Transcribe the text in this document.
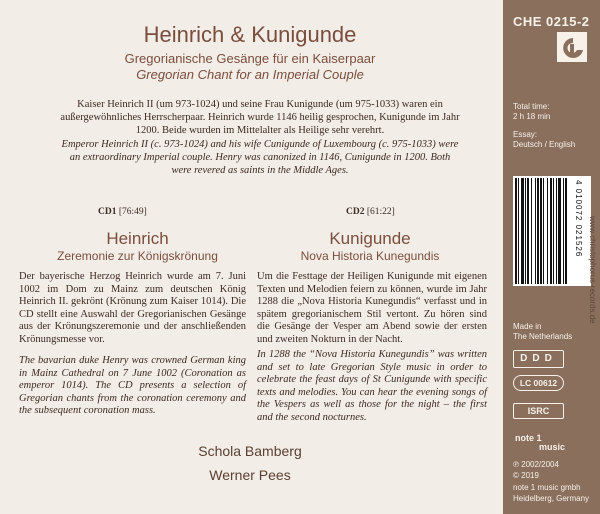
Heinrich & Kunigunde
Gregorianische Gesänge für ein Kaiserpaar
Gregorian Chant for an Imperial Couple
Kaiser Heinrich II (um 973-1024) und seine Frau Kunigunde (um 975-1033) waren ein außergewöhnliches Herrscherpaar. Heinrich wurde 1146 heilig gesprochen, Kunigunde im Jahr 1200. Beide wurden im Mittelalter als Heilige sehr verehrt.
Emperor Heinrich II (c. 973-1024) and his wife Cunigunde of Luxembourg (c. 975-1033) were an extraordinary Imperial couple. Henry was canonized in 1146, Cunigunde in 1200. Both were revered as saints in the Middle Ages.
CD1 [76:49]	CD2 [61:22]
Heinrich
Zeremonie zur Königskrönung
Kunigunde
Nova Historia Kunegundis
Der bayerische Herzog Heinrich wurde am 7. Juni 1002 im Dom zu Mainz zum deutschen König Heinrich II. gekrönt (Krönung zum Kaiser 1014). Die CD stellt eine Auswahl der Gregorianischen Gesänge aus der Krönungszeremonie und der anschließenden Krönungsmesse vor.
The bavarian duke Henry was crowned German king in Mainz Cathedral on 7 June 1002 (Coronation as emperor 1014). The CD presents a selection of Gregorian chants from the coronation ceremony and the subsequent coronation mass.
Um die Festtage der Heiligen Kunigunde mit eigenen Texten und Melodien feiern zu können, wurde im Jahr 1288 die „Nova Historia Kunegundis“ verfasst und in spätem gregorianischem Stil vertont. Zu hören sind die Gesänge der Vesper am Abend sowie der ersten und zweiten Nokturn in der Nacht.
In 1288 the “Nova Historia Kunegundis” was written and set to late Gregorian Style music in order to celebrate the feast days of St Cunigunde with specific texts and melodies. You can hear the evening songs of the Vespers as well as those for the night – the first and the second nocturnes.
Schola Bamberg
Werner Pees
CHE 0215-2
Total time:
2 h 18 min
Essay:
Deutsch / English
4 010072 021526 www.christophorus-records.de
Made in
The Netherlands
DDD
LC 00612
ISRC
note 1
music
℗ 2002/2004
© 2019
note 1 music gmbh
Heidelberg, Germany
